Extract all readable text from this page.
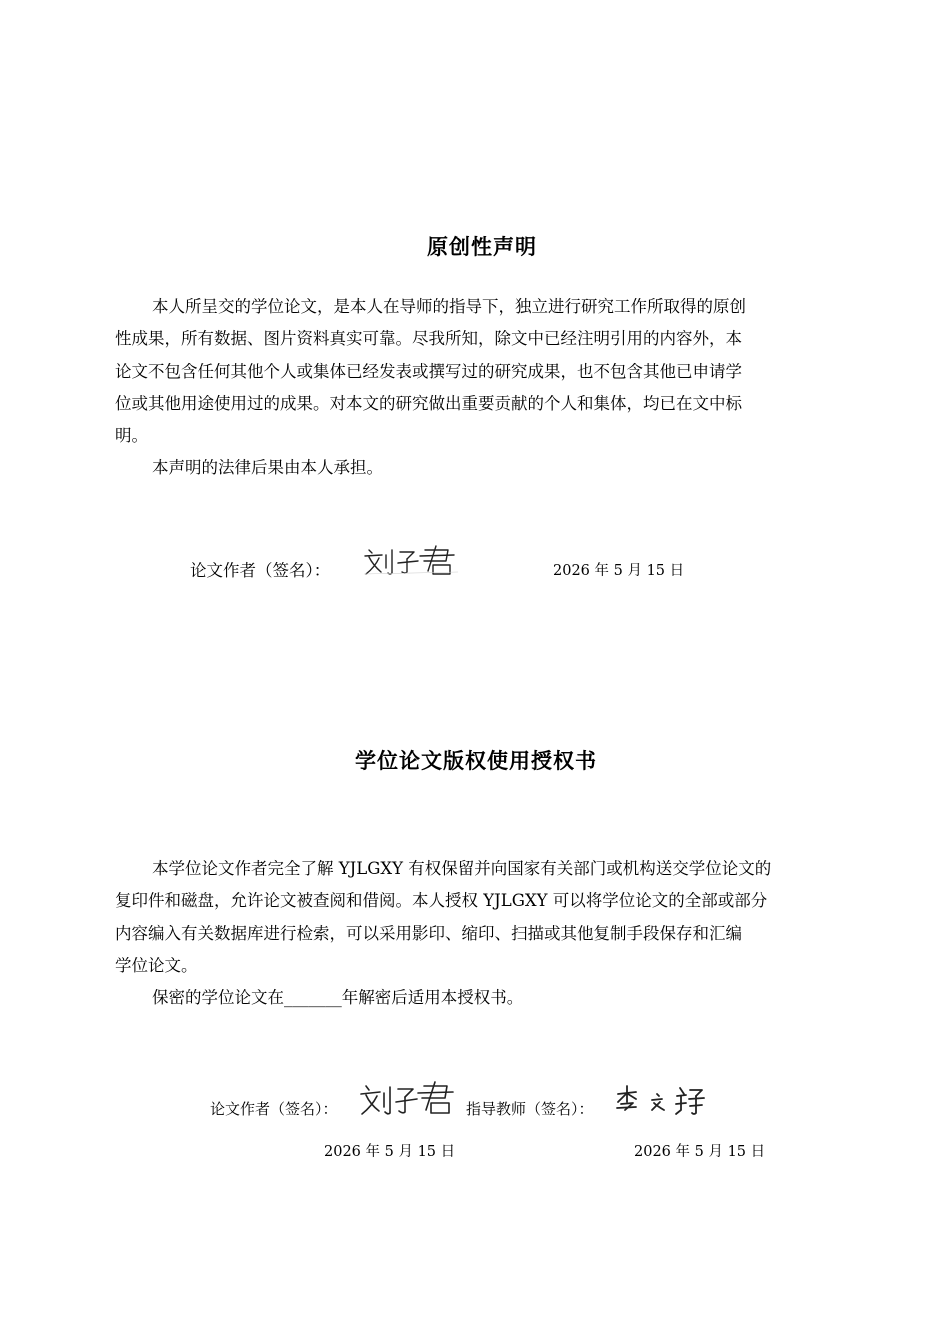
原创性声明
本人所呈交的学位论文，是本人在导师的指导下，独立进行研究工作所取得的原创
性成果，所有数据、图片资料真实可靠。尽我所知，除文中已经注明引用的内容外，本
论文不包含任何其他个人或集体已经发表或撰写过的研究成果，也不包含其他已申请学
位或其他用途使用过的成果。对本文的研究做出重要贡献的个人和集体，均已在文中标
明。
本声明的法律后果由本人承担。
论文作者（签名）：	2026 年 5 月 15 日
学位论文版权使用授权书
本学位论文作者完全了解 YJLGXY 有权保留并向国家有关部门或机构送交学位论文的
复印件和磁盘，允许论文被查阅和借阅。本人授权 YJLGXY 可以将学位论文的全部或部分
内容编入有关数据库进行检索，可以采用影印、缩印、扫描或其他复制手段保存和汇编
学位论文。
保密的学位论文在_______年解密后适用本授权书。
论文作者（签名）：	指导教师（签名）：
2026 年 5 月 15 日	2026 年 5 月 15 日
